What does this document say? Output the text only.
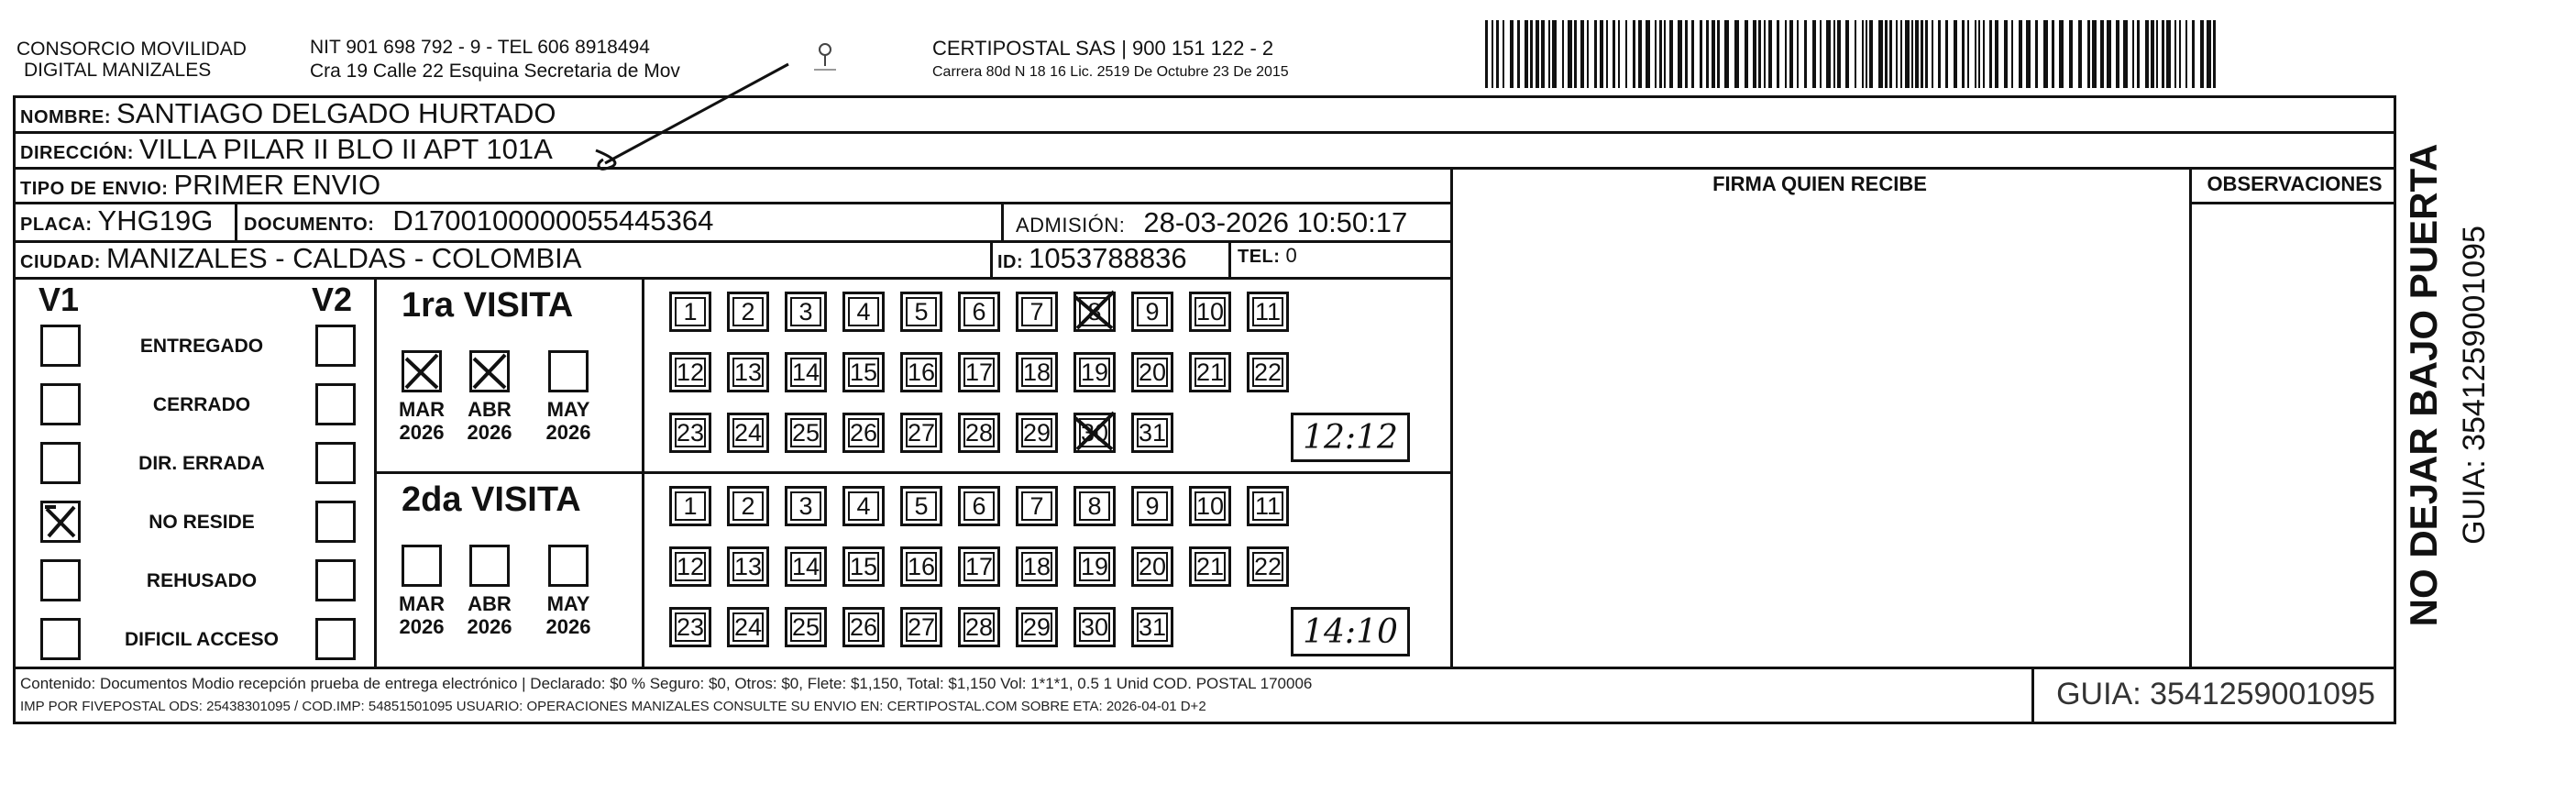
CONSORCIO MOVILIDAD
DIGITAL MANIZALES
NIT 901 698 792 - 9 - TEL 606 8918494
Cra 19 Calle 22 Esquina Secretaria de Mov
CERTIPOSTAL SAS | 900 151 122 - 2
Carrera 80d N 18 16 Lic. 2519 De Octubre 23 De 2015
NOMBRE: SANTIAGO DELGADO HURTADO
DIRECCIÓN: VILLA PILAR II BLO II APT 101A
TIPO DE ENVIO: PRIMER ENVIO
PLACA: YHG19G DOCUMENTO: D1700100000055445364	ADMISIÓN: 28-03-2026 10:50:17
CIUDAD: MANIZALES - CALDAS - COLOMBIA	ID: 1053788836	TEL: 0
FIRMA QUIEN RECIBE	OBSERVACIONES
V1	V2
ENTREGADO
CERRADO
DIR. ERRADA
NO RESIDE
REHUSADO
DIFICIL ACCESO
1ra VISITA
2da VISITA
MAR
2026
ABR
2026
MAY
2026
MAR
2026
ABR
2026
MAY
2026
1	2	3	4	5	6	7	8	9	10	11
12 13 14 15 16 17 18 19 20 21 22
23 24 25 26 27 28 29 30 31
1	2	3	4	5	6	7	8	9	10	11
12 13 14 15 16 17 18 19 20 21 22
23 24 25 26 27 28 29 30 31
12:12
14:10
NO DEJAR BAJO PUERTA GUIA: 3541259001095
Contenido: Documentos Modio recepción prueba de entrega electrónico | Declarado: $0 % Seguro: $0, Otros: $0, Flete: $1,150, Total: $1,150 Vol: 1*1*1, 0.5 1 Unid COD. POSTAL 170006
IMP POR FIVEPOSTAL ODS: 25438301095 / COD.IMP: 54851501095 USUARIO: OPERACIONES MANIZALES CONSULTE SU ENVIO EN: CERTIPOSTAL.COM SOBRE ETA: 2026-04-01 D+2	GUIA: 3541259001095
